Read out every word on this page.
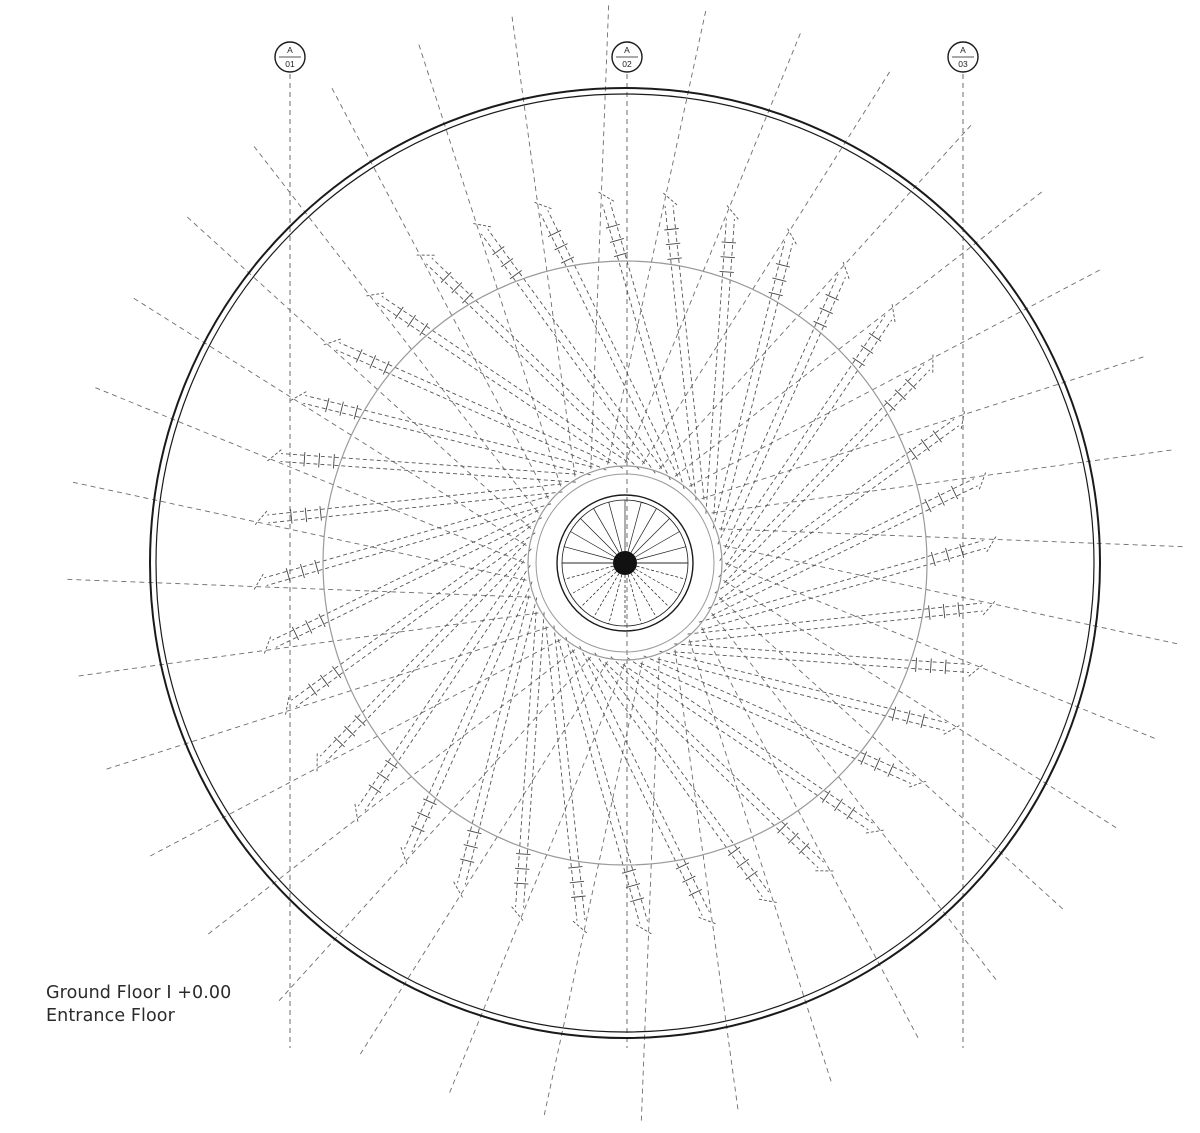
A
01
A
02
A
03
Ground Floor I +0.00
Entrance Floor
